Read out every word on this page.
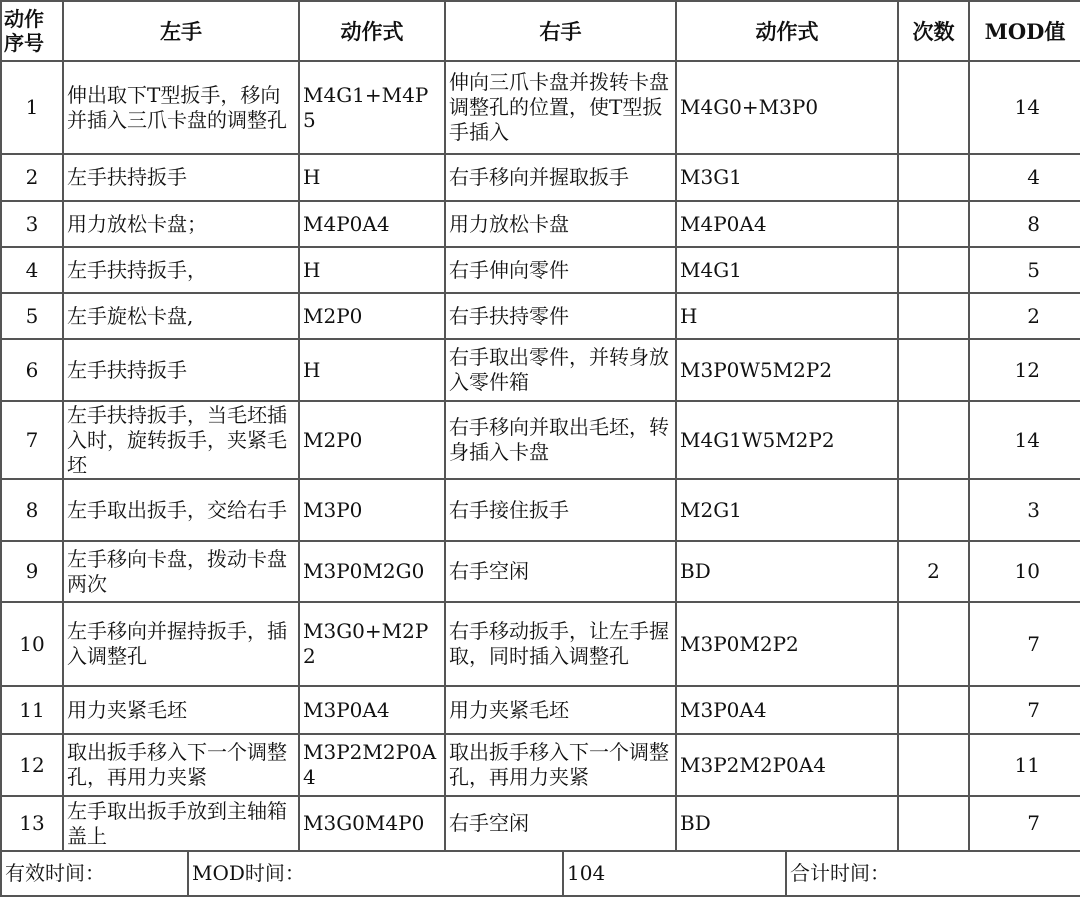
动作序号	左手	动作式	右手	动作式	次数	MOD值
1	伸出取下T型扳手，移向并插入三爪卡盘的调整孔	M4G1+M4P5	伸向三爪卡盘并拨转卡盘调整孔的位置，使T型扳手插入	M4G0+M3P0		14
2	左手扶持扳手	H	右手移向并握取扳手	M3G1		4
3	用力放松卡盘；	M4P0A4	用力放松卡盘	M4P0A4		8
4	左手扶持扳手，	H	右手伸向零件	M4G1		5
5	左手旋松卡盘,	M2P0	右手扶持零件	H		2
6	左手扶持扳手	H	右手取出零件，并转身放入零件箱	M3P0W5M2P2		12
7	左手扶持扳手，当毛坯插入时，旋转扳手，夹紧毛坯	M2P0	右手移向并取出毛坯，转身插入卡盘	M4G1W5M2P2		14
8	左手取出扳手，交给右手	M3P0	右手接住扳手	M2G1		3
9	左手移向卡盘，拨动卡盘两次	M3P0M2G0	右手空闲	BD	2	10
10	左手移向并握持扳手，插入调整孔	M3G0+M2P2	右手移动扳手，让左手握取，同时插入调整孔	M3P0M2P2		7
11	用力夹紧毛坯	M3P0A4	用力夹紧毛坯	M3P0A4		7
12	取出扳手移入下一个调整孔，再用力夹紧	M3P2M2P0A4	取出扳手移入下一个调整孔，再用力夹紧	M3P2M2P0A4		11
13	左手取出扳手放到主轴箱盖上	M3G0M4P0	右手空闲	BD		7
有效时间：	MOD时间：	104	合计时间：
